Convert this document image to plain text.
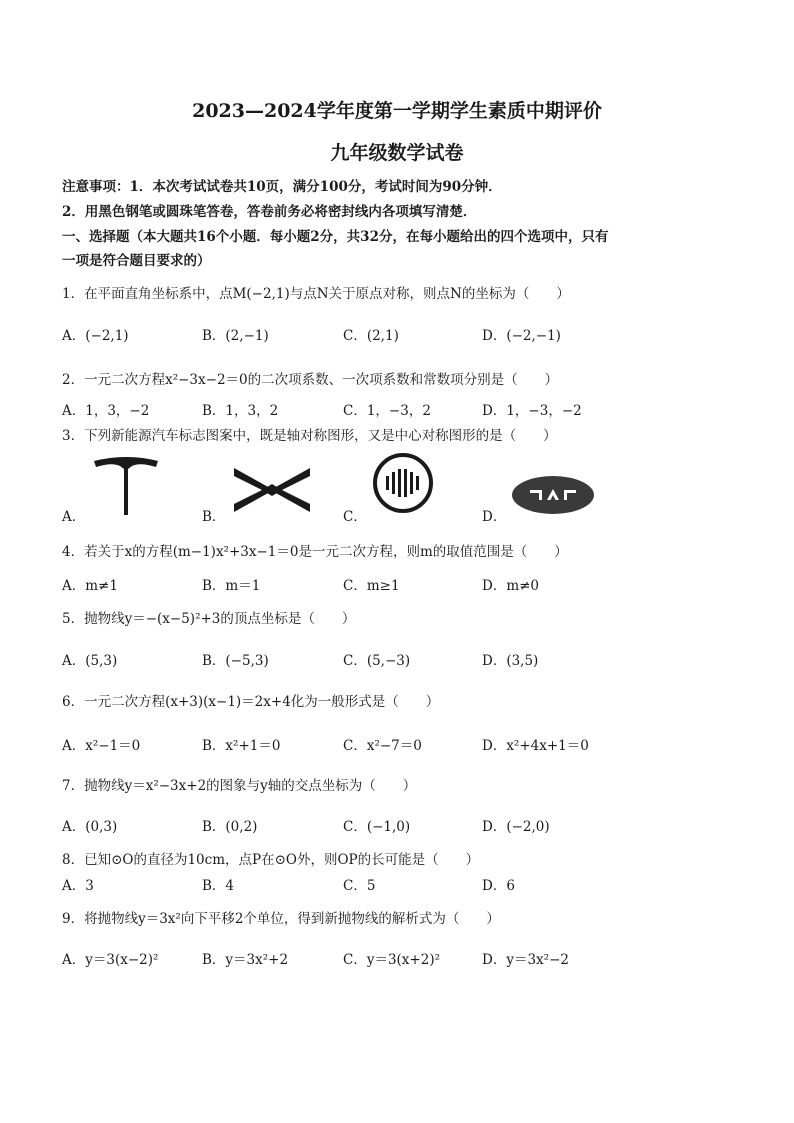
2023—2024学年度第一学期学生素质中期评价
九年级数学试卷
注意事项：1．本次考试试卷共10页，满分100分，考试时间为90分钟．
2．用黑色钢笔或圆珠笔答卷，答卷前务必将密封线内各项填写清楚．
一、选择题（本大题共16个小题．每小题2分，共32分，在每小题给出的四个选项中，只有
一项是符合题目要求的）
1．在平面直角坐标系中，点M(−2,1)与点N关于原点对称，则点N的坐标为（　　）
A．(−2,1)	B．(2,−1)	C．(2,1)	D．(−2,−1)
2．一元二次方程x²−3x−2＝0的二次项系数、一次项系数和常数项分别是（　　）
A．1，3，−2	B．1，3，2	C．1，−3，2	D．1，−3，−2
3．下列新能源汽车标志图案中，既是轴对称图形，又是中心对称图形的是（　　）
A．	B．	C．	D．
4．若关于x的方程(m−1)x²+3x−1＝0是一元二次方程，则m的取值范围是（　　）
A．m≠1	B．m＝1	C．m≥1	D．m≠0
5．抛物线y＝−(x−5)²+3的顶点坐标是（　　）
A．(5,3)	B．(−5,3)	C．(5,−3)	D．(3,5)
6．一元二次方程(x+3)(x−1)＝2x+4化为一般形式是（　　）
A．x²−1＝0	B．x²+1＝0	C．x²−7＝0	D．x²+4x+1＝0
7．抛物线y＝x²−3x+2的图象与y轴的交点坐标为（　　）
A．(0,3)	B．(0,2)	C．(−1,0)	D．(−2,0)
8．已知⊙O的直径为10cm，点P在⊙O外，则OP的长可能是（　　）
A．3	B．4	C．5	D．6
9．将抛物线y＝3x²向下平移2个单位，得到新抛物线的解析式为（　　）
A．y＝3(x−2)²	B．y＝3x²+2	C．y＝3(x+2)²	D．y＝3x²−2
